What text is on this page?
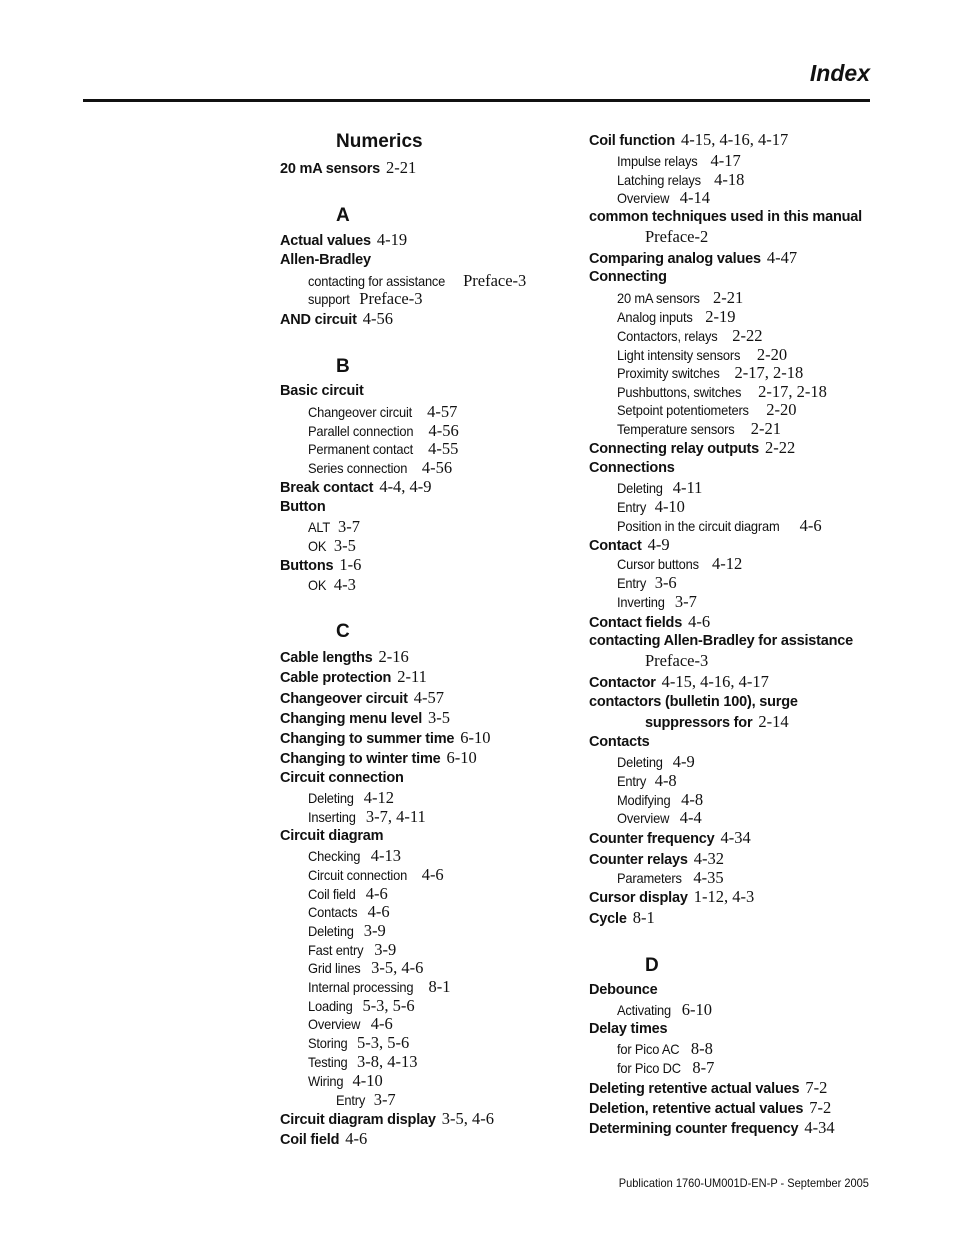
Index
Numerics
20 mA sensors 2-21
A
Actual values 4-19
Allen-Bradley
contacting for assistance Preface-3
support Preface-3
AND circuit 4-56
B
Basic circuit
Changeover circuit 4-57
Parallel connection 4-56
Permanent contact 4-55
Series connection 4-56
Break contact 4-4, 4-9
Button
ALT 3-7
OK 3-5
Buttons 1-6
OK 4-3
C
Cable lengths 2-16
Cable protection 2-11
Changeover circuit 4-57
Changing menu level 3-5
Changing to summer time 6-10
Changing to winter time 6-10
Circuit connection
Deleting 4-12
Inserting 3-7, 4-11
Circuit diagram
Checking 4-13
Circuit connection 4-6
Coil field 4-6
Contacts 4-6
Deleting 3-9
Fast entry 3-9
Grid lines 3-5, 4-6
Internal processing 8-1
Loading 5-3, 5-6
Overview 4-6
Storing 5-3, 5-6
Testing 3-8, 4-13
Wiring 4-10
Entry 3-7
Circuit diagram display 3-5, 4-6
Coil field 4-6
Coil function 4-15, 4-16, 4-17
Impulse relays 4-17
Latching relays 4-18
Overview 4-14
common techniques used in this manual
Preface-2
Comparing analog values 4-47
Connecting
20 mA sensors 2-21
Analog inputs 2-19
Contactors, relays 2-22
Light intensity sensors 2-20
Proximity switches 2-17, 2-18
Pushbuttons, switches 2-17, 2-18
Setpoint potentiometers 2-20
Temperature sensors 2-21
Connecting relay outputs 2-22
Connections
Deleting 4-11
Entry 4-10
Position in the circuit diagram 4-6
Contact 4-9
Cursor buttons 4-12
Entry 3-6
Inverting 3-7
Contact fields 4-6
contacting Allen-Bradley for assistance
Preface-3
Contactor 4-15, 4-16, 4-17
contactors (bulletin 100), surge
suppressors for 2-14
Contacts
Deleting 4-9
Entry 4-8
Modifying 4-8
Overview 4-4
Counter frequency 4-34
Counter relays 4-32
Parameters 4-35
Cursor display 1-12, 4-3
Cycle 8-1
D
Debounce
Activating 6-10
Delay times
for Pico AC 8-8
for Pico DC 8-7
Deleting retentive actual values 7-2
Deletion, retentive actual values 7-2
Determining counter frequency 4-34
Publication 1760-UM001D-EN-P - September 2005
